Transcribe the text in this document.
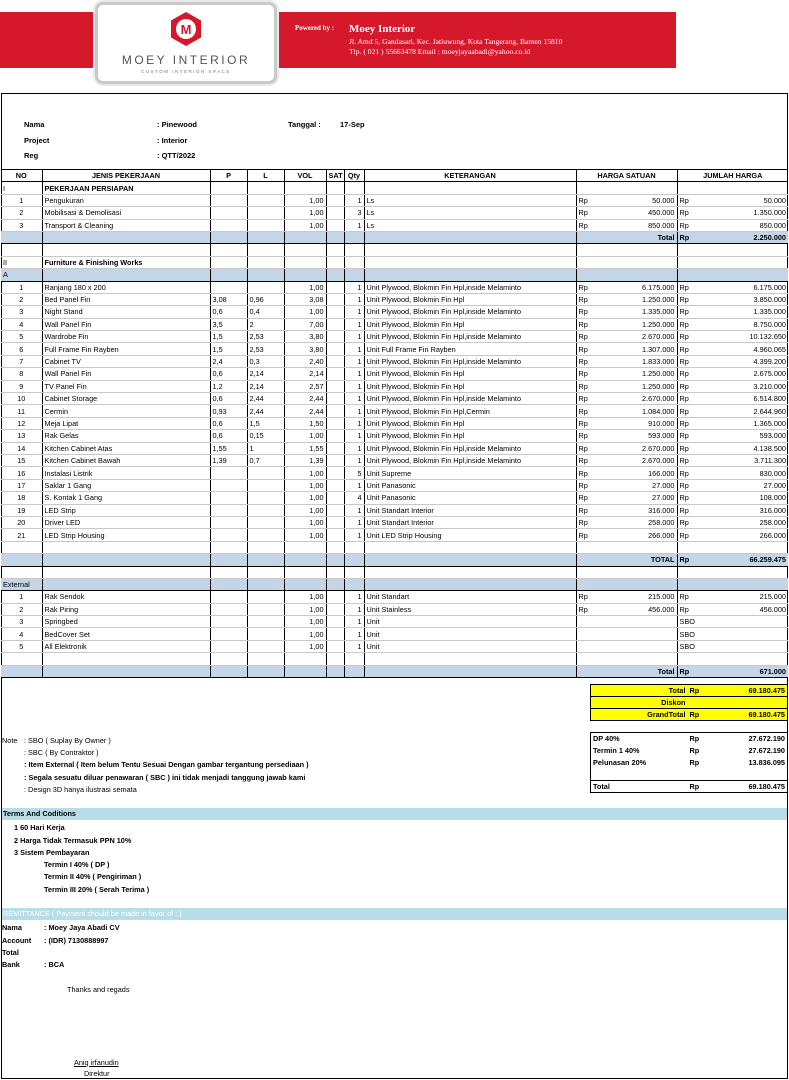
M
MOEY INTERIOR
CUSTOM INTERIOR SPACE
Powered by : Moey Interior
Jl. Amd 5, Gandasari, Kec. Jatiuwung, Kota Tangerang, Banten 15810
Tlp. ( 021 ) 55663478 Email : moeyjayaabadi@yahoo.co.id
Nama	: Pinewood	Tanggal :	17-Sep
Project	: Interior
Reg	: QTT/2022
NO	JENIS PEKERJAAN	P	L	VOL	SAT	Qty	KETERANGAN	HARGA SATUAN	JUMLAH HARGA
I	PEKERJAAN PERSIAPAN								
1	Pengukuran			1,00		1	Ls	Rp 50.000	Rp 50.000

2	Mobilisasi & Demolisasi			1,00		3	Ls	Rp 450.000	Rp 1.350.000

3	Transport & Cleaning			1,00		1	Ls	Rp 850.000	Rp 850.000

								Total	Rp 2.250.000

II	Furniture & Finishing Works								
A									
1	Ranjang 180 x 200			1,00		1	Unit Plywood, Blokmin Fin Hpl,inside Melaminto	Rp 6.175.000	Rp 6.175.000

2	Bed Panel Fin	3,08	0,96	3,08		1	Unit Plywood, Blokmin Fin Hpl	Rp 1.250.000	Rp 3.850.000

3	Night Stand	0,6	0,4	1,00		1	Unit Plywood, Blokmin Fin Hpl,inside Melaminto	Rp 1.335.000	Rp 1.335.000

4	Wall Panel Fin	3,5	2	7,00		1	Unit Plywood, Blokmin Fin Hpl	Rp 1.250.000	Rp 8.750.000

5	Wardrobe Fin	1,5	2,53	3,80		1	Unit Plywood, Blokmin Fin Hpl,inside Melaminto	Rp 2.670.000	Rp 10.132.650

6	Full Frame Fin Rayben	1,5	2,53	3,80		1	Unit Full Frame Fin Rayben	Rp 1.307.000	Rp 4.960.065

7	Cabinet TV	2,4	0,3	2,40		1	Unit Plywood, Blokmin Fin Hpl,inside Melaminto	Rp 1.833.000	Rp 4.399.200

8	Wall Panel Fin	0,6	2,14	2,14		1	Unit Plywood, Blokmin Fin Hpl	Rp 1.250.000	Rp 2.675.000

9	TV Panel Fin	1,2	2,14	2,57		1	Unit Plywood, Blokmin Fin Hpl	Rp 1.250.000	Rp 3.210.000

10	Cabinet Storage	0,6	2,44	2,44		1	Unit Plywood, Blokmin Fin Hpl,inside Melaminto	Rp 2.670.000	Rp 6.514.800

11	Cermin	0,93	2,44	2,44		1	Unit Plywood, Blokmin Fin Hpl,Cermin	Rp 1.084.000	Rp 2.644.960

12	Meja Lipat	0,6	1,5	1,50		1	Unit Plywood, Blokmin Fin Hpl	Rp 910.000	Rp 1.365.000

13	Rak Gelas	0,6	0,15	1,00		1	Unit Plywood, Blokmin Fin Hpl	Rp 593.000	Rp 593.000

14	Kitchen Cabinet Atas	1,55	1	1,55		1	Unit Plywood, Blokmin Fin Hpl,inside Melaminto	Rp 2.670.000	Rp 4.138.500

15	Kitchen Cabinet Bawah	1,39	0,7	1,39		1	Unit Plywood, Blokmin Fin Hpl,inside Melaminto	Rp 2.670.000	Rp 3.711.300

16	Instalasi Listrik			1,00		5	Unit Supreme	Rp 166.000	Rp 830.000

17	Saklar 1 Gang			1,00		1	Unit Panasonic	Rp 27.000	Rp 27.000

18	S. Kontak 1 Gang			1,00		4	Unit Panasonic	Rp 27.000	Rp 108.000

19	LED Strip			1,00		1	Unit Standart Interior	Rp 316.000	Rp 316.000

20	Driver LED			1,00		1	Unit Standart Interior	Rp 258.000	Rp 258.000

21	LED Strip Housing			1,00		1	Unit LED Strip Housing	Rp 266.000	Rp 266.000

								TOTAL	Rp 66.259.475

External									
1	Rak Sendok			1,00		1	Unit Standart	Rp 215.000	Rp 215.000

2	Rak Piring			1,00		1	Unit Stainless	Rp 456.000	Rp 456.000

3	Springbed			1,00		1	Unit		SBO

4	BedCover Set			1,00		1	Unit		SBO

5	All Elektronik			1,00		1	Unit		SBO

								Total	Rp 671.000
Total	Rp	69.180.475
Diskon		
GrandTotal	Rp	69.180.475
DP 40%	Rp	27.672.190
Termin 1 40%	Rp	27.672.190
Pelunasan 20%	Rp	13.836.095

Total	Rp	69.180.475
Note : SBO ( Suplay By Owner )
: SBC ( By Contraktor )
: Item External ( Item belum Tentu Sesuai Dengan gambar tergantung persediaan )
: Segala sesuatu diluar penawaran ( SBC ) ini tidak menjadi tanggung jawab kami
: Design 3D hanya ilustrasi semata
Terms And Coditions
1 60 Hari Kerja
2 Harga Tidak Termasuk PPN 10%
3 Sistem Pembayaran
Termin I 40% ( DP )
Termin II 40% ( Pengiriman )
Termin III 20% ( Serah Terima )
REMITTANCE ( Payment should be made in favor of : )
Nama	: Moey Jaya Abadi CV
Account : (IDR) 7130888997
Total
Bank	: BCA
Thanks and regads
Aniq irfanudin
Direktur
